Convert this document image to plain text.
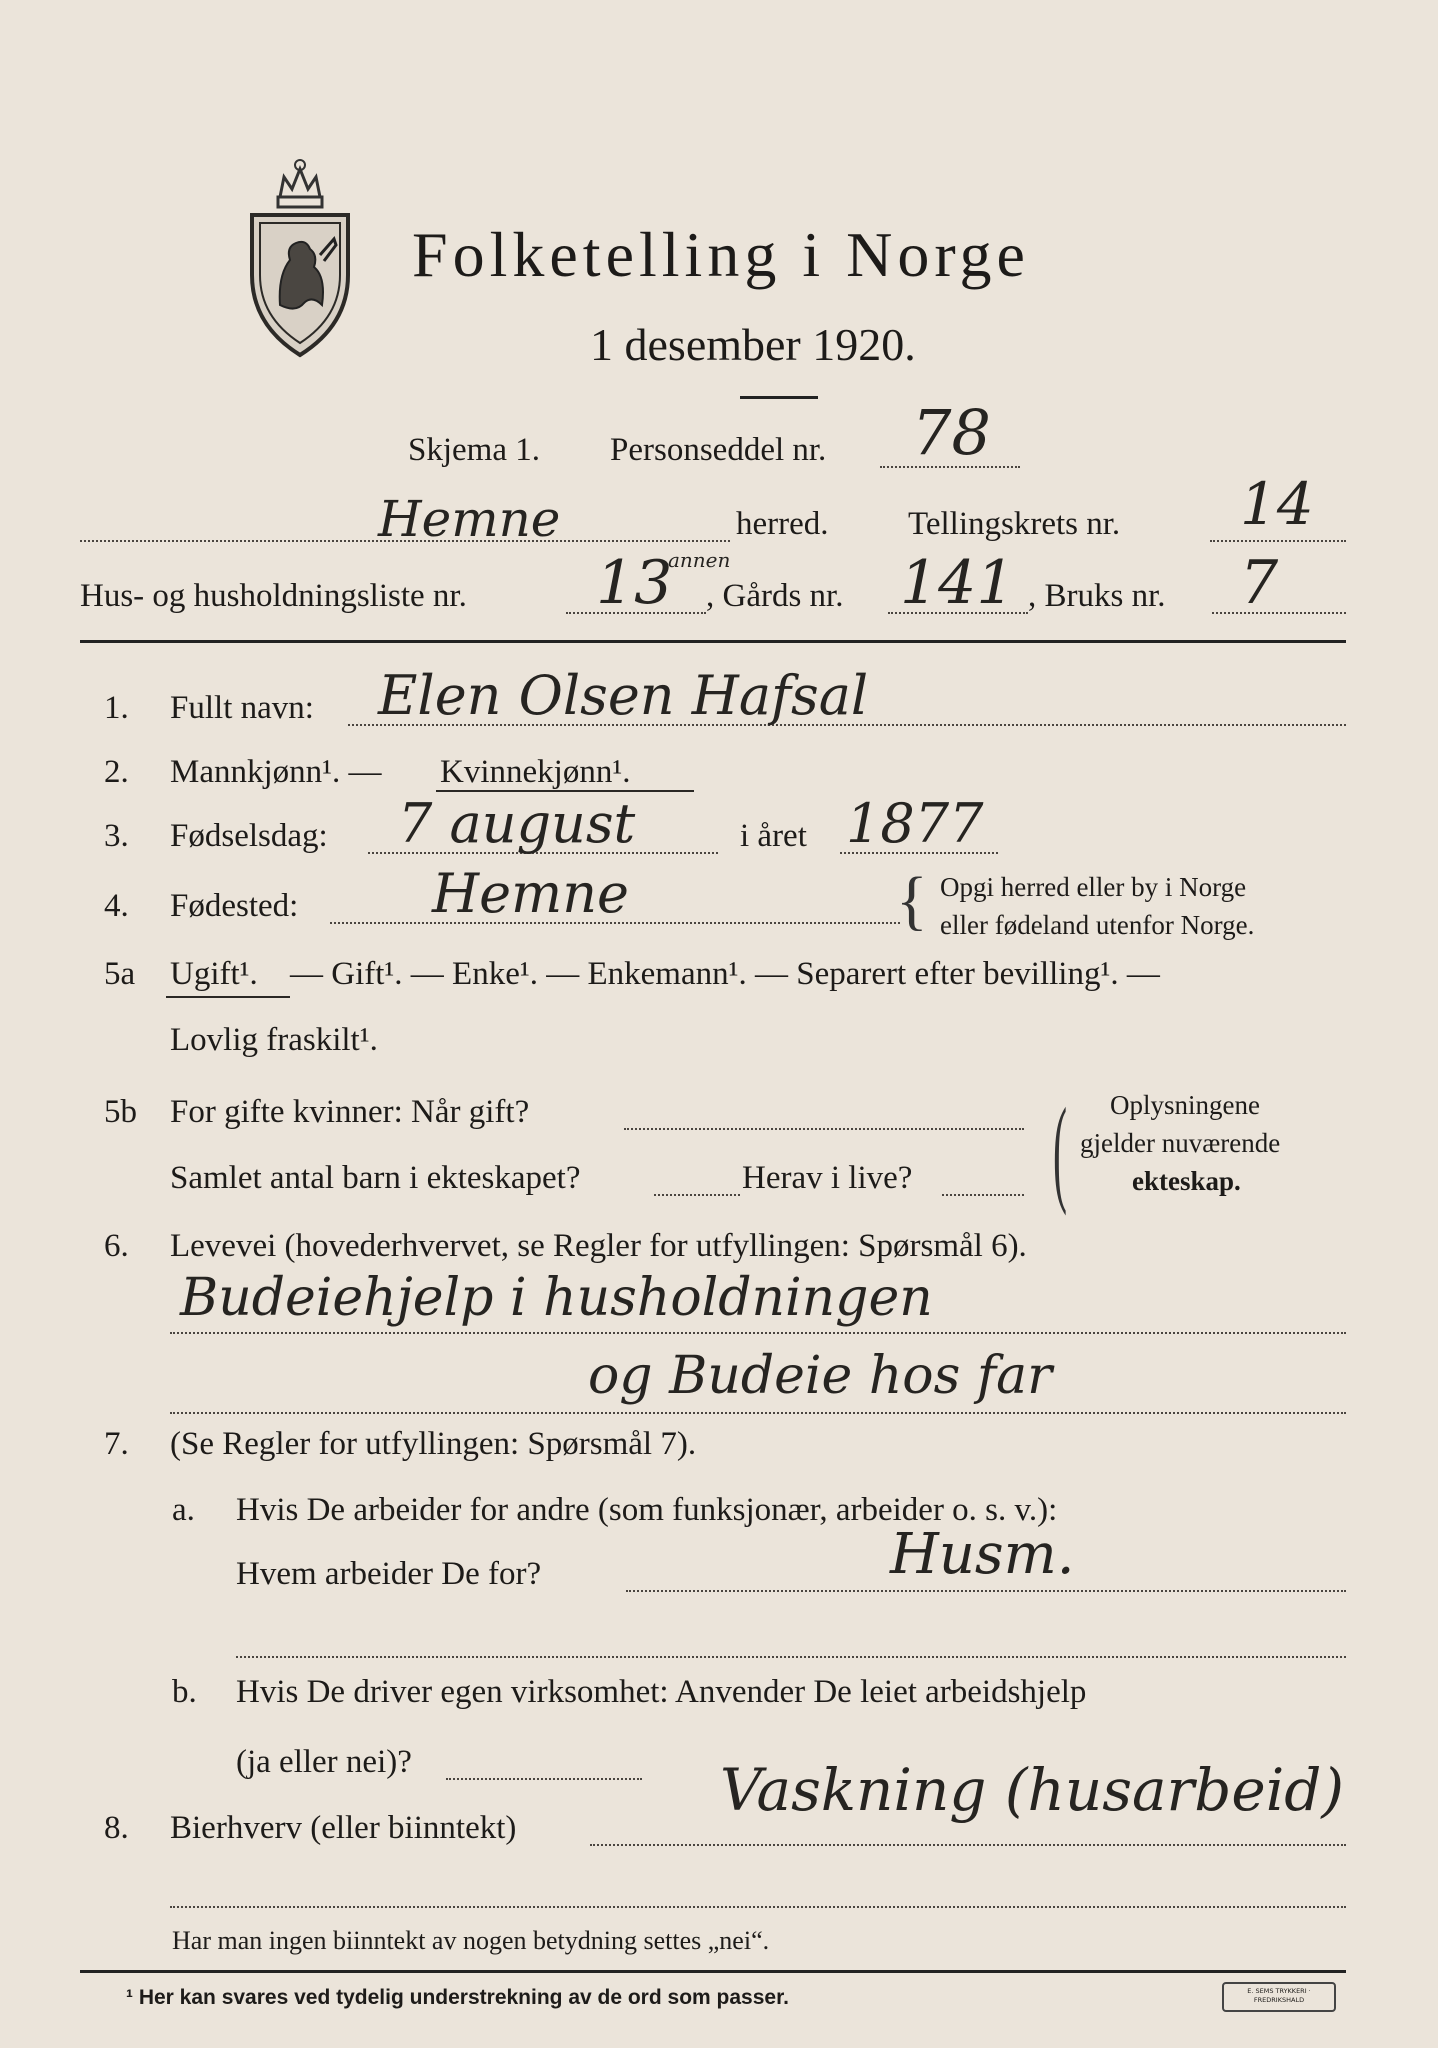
Folketelling i Norge
1 desember 1920.
Skjema 1. Personseddel nr. 78
Hemne	herred. Tellingskrets nr. 14
Hus- og husholdningsliste nr. 13
annen
, Gårds nr. 141 , Bruks nr. 7
1. Fullt navn: Elen Olsen Hafsal
2. Mannkjønn¹. — Kvinnekjønn¹.
3. Fødselsdag: 7 august	i året 1877
4. Fødested: Hemne	{ Opgi herred eller by i Norge
eller fødeland utenfor Norge.
5a Ugift¹. — Gift¹. — Enke¹. — Enkemann¹. — Separert efter bevilling¹. —
Lovlig fraskilt¹.
5b For gifte kvinner: Når gift?
Samlet antal barn i ekteskapet?	Herav i live? ( Oplysningene
gjelder nuværende
ekteskap.
6. Levevei (hovederhvervet, se Regler for utfyllingen: Spørsmål 6).
Budeiehjelp i husholdningen
og Budeie hos far
7. (Se Regler for utfyllingen: Spørsmål 7).
a. Hvis De arbeider for andre (som funksjonær, arbeider o. s. v.):
Hvem arbeider De for?	Husm.
b. Hvis De driver egen virksomhet: Anvender De leiet arbeidshjelp
(ja eller nei)?
8. Bierhverv (eller biinntekt)
Vaskning (husarbeid)
Har man ingen biinntekt av nogen betydning settes „nei“.
¹ Her kan svares ved tydelig understrekning av de ord som passer.	E. SEMS TRYKKERI · FREDRIKSHALD
